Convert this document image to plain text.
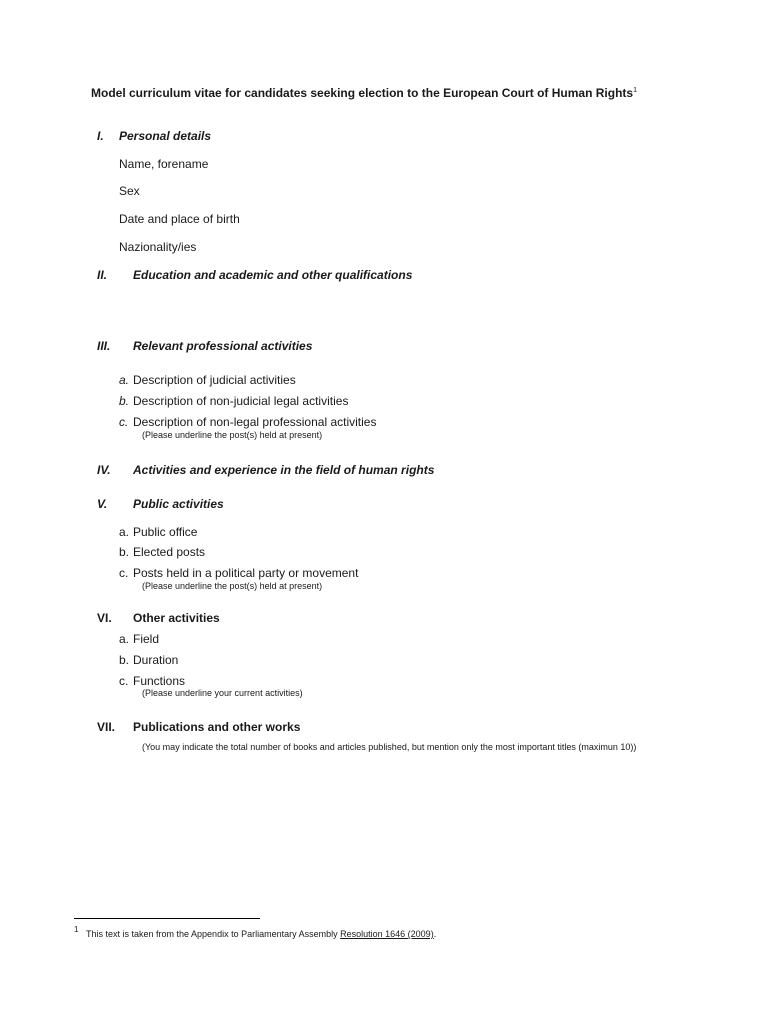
Model curriculum vitae for candidates seeking election to the European Court of Human Rights$^1$
I. Personal details
Name, forename
Sex
Date and place of birth
Nazionality/ies
II. Education and academic and other qualifications
III. Relevant professional activities
a. Description of judicial activities
b. Description of non-judicial legal activities
c. Description of non-legal professional activities
(Please underline the post(s) held at present)
IV. Activities and experience in the field of human rights
V. Public activities
a. Public office
b. Elected posts
c. Posts held in a political party or movement
(Please underline the post(s) held at present)
VI. Other activities
a. Field
b. Duration
c. Functions
(Please underline your current activities)
VII. Publications and other works
(You may indicate the total number of books and articles published, but mention only the most important titles (maximun 10))
1 This text is taken from the Appendix to Parliamentary Assembly Resolution 1646 (2009).
